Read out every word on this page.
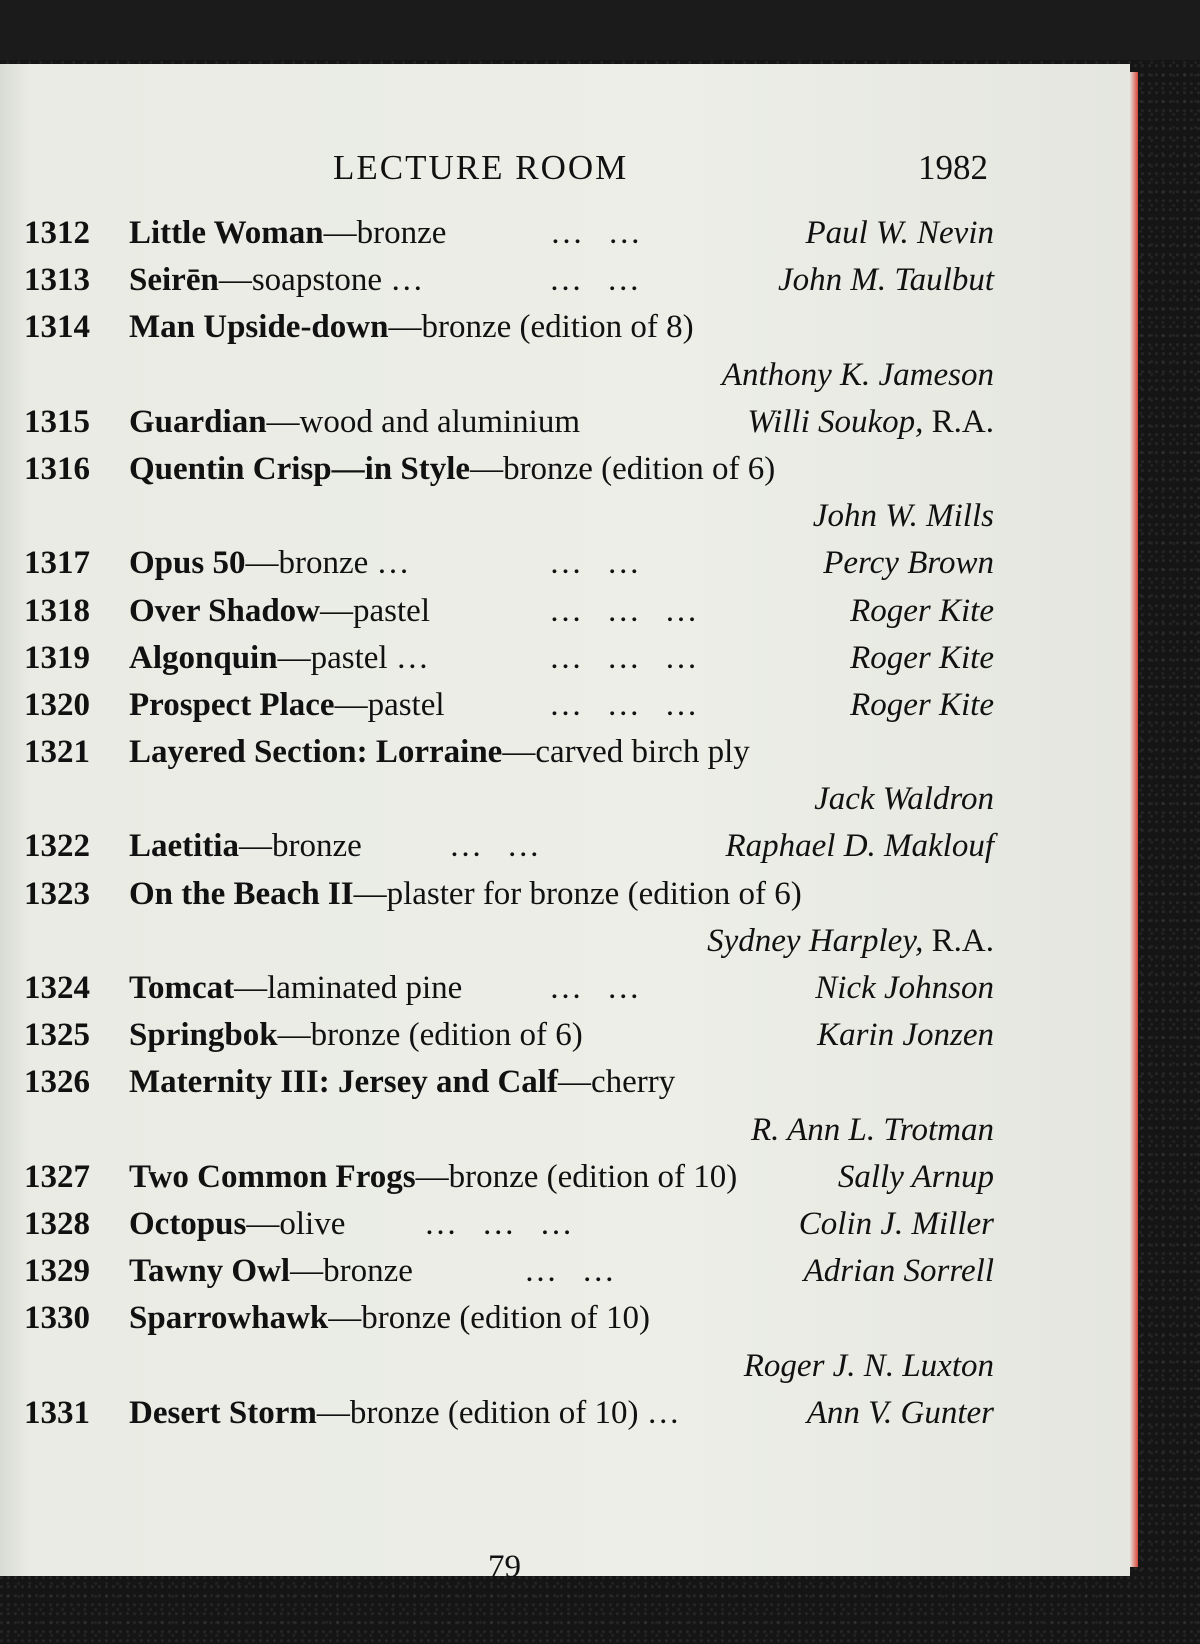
LECTURE ROOM	1982
1312 Little Woman—bronze	…   …	Paul W. Nevin
1313 Seirēn—soapstone …	…   …	John M. Taulbut
1314 Man Upside-down—bronze (edition of 8)
Anthony K. Jameson
1315 Guardian—wood and aluminium	Willi Soukop, R.A.
1316 Quentin Crisp—in Style—bronze (edition of 6)
John W. Mills
1317 Opus 50—bronze …	…   …	Percy Brown
1318 Over Shadow—pastel	…   …   …	Roger Kite
1319 Algonquin—pastel …	…   …   …	Roger Kite
1320 Prospect Place—pastel	…   …   …	Roger Kite
1321 Layered Section: Lorraine—carved birch ply
Jack Waldron
1322 Laetitia—bronze	…   …	Raphael D. Maklouf
1323 On the Beach II—plaster for bronze (edition of 6)
Sydney Harpley, R.A.
1324 Tomcat—laminated pine	…   …	Nick Johnson
1325 Springbok—bronze (edition of 6)	Karin Jonzen
1326 Maternity III: Jersey and Calf—cherry
R. Ann L. Trotman
1327 Two Common Frogs—bronze (edition of 10)	Sally Arnup
1328 Octopus—olive …   …   …	Colin J. Miller
1329 Tawny Owl—bronze	…   …	Adrian Sorrell
1330 Sparrowhawk—bronze (edition of 10)
Roger J. N. Luxton
1331 Desert Storm—bronze (edition of 10) …	Ann V. Gunter
79
